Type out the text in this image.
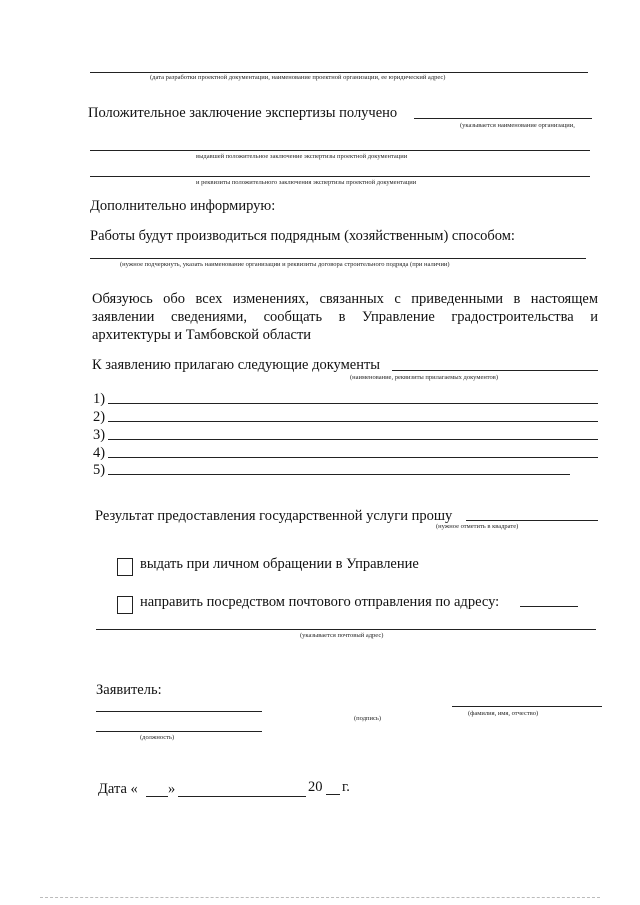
(дата разработки проектной документации, наименование проектной организации, ее юридический адрес)
Положительное заключение экспертизы получено
(указывается наименование организации,
выдавшей положительное заключение экспертизы проектной документации
и реквизиты положительного заключения экспертизы проектной документации
Дополнительно информирую:
Работы будут производиться подрядным (хозяйственным) способом:
(нужное подчеркнуть, указать наименование организации и реквизиты договора строительного подряда (при наличии)
Обязуюсь обо всех изменениях, связанных с приведенными в настоящем заявлении сведениями, сообщать в Управление градостроительства и архитектуры и Тамбовской области
К заявлению прилагаю следующие документы
(наименование, реквизиты прилагаемых документов)
1)
2)
3)
4)
5)
Результат предоставления государственной услуги прошу
(нужное отметить в квадрате)
выдать при личном обращении в Управление
направить посредством почтового отправления по адресу:
(указывается почтовый адрес)
Заявитель:
(должность)
(подпись)
(фамилия, имя, отчество)
Дата « »	20 г.
